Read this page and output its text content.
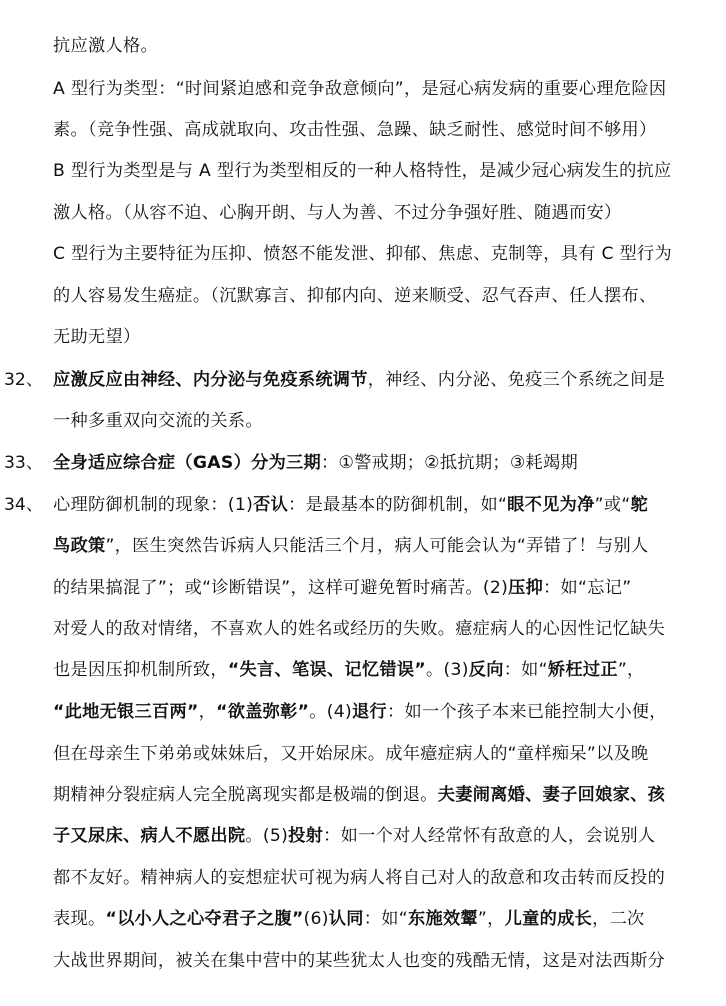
抗应激人格。
A 型行为类型：“时间紧迫感和竞争敌意倾向”，是冠心病发病的重要心理危险因
素。（竞争性强、高成就取向、攻击性强、急躁、缺乏耐性、感觉时间不够用）
B 型行为类型是与 A 型行为类型相反的一种人格特性，是减少冠心病发生的抗应
激人格。（从容不迫、心胸开朗、与人为善、不过分争强好胜、随遇而安）
C 型行为主要特征为压抑、愤怒不能发泄、抑郁、焦虑、克制等，具有 C 型行为
的人容易发生癌症。（沉默寡言、抑郁内向、逆来顺受、忍气吞声、任人摆布、
无助无望）
32、 应激反应由神经、内分泌与免疫系统调节，神经、内分泌、免疫三个系统之间是
一种多重双向交流的关系。
33、 全身适应综合症（GAS）分为三期：①警戒期；②抵抗期；③耗竭期
34、 心理防御机制的现象：(1)否认：是最基本的防御机制，如“眼不见为净”或“鸵
鸟政策”，医生突然告诉病人只能活三个月，病人可能会认为“弄错了！与别人
的结果搞混了”；或“诊断错误”，这样可避免暂时痛苦。(2)压抑：如“忘记”
对爱人的敌对情绪，不喜欢人的姓名或经历的失败。癔症病人的心因性记忆缺失
也是因压抑机制所致，“失言、笔误、记忆错误”。(3)反向：如“矫枉过正”，
“此地无银三百两”，“欲盖弥彰”。(4)退行：如一个孩子本来已能控制大小便，
但在母亲生下弟弟或妹妹后，又开始尿床。成年癔症病人的“童样痴呆”以及晚
期精神分裂症病人完全脱离现实都是极端的倒退。夫妻闹离婚、妻子回娘家、孩
子又尿床、病人不愿出院。(5)投射：如一个对人经常怀有敌意的人，会说别人
都不友好。精神病人的妄想症状可视为病人将自己对人的敌意和攻击转而反投的
表现。“以小人之心夺君子之腹”(6)认同：如“东施效颦”，儿童的成长，二次
大战世界期间，被关在集中营中的某些犹太人也变的残酷无情，这是对法西斯分
